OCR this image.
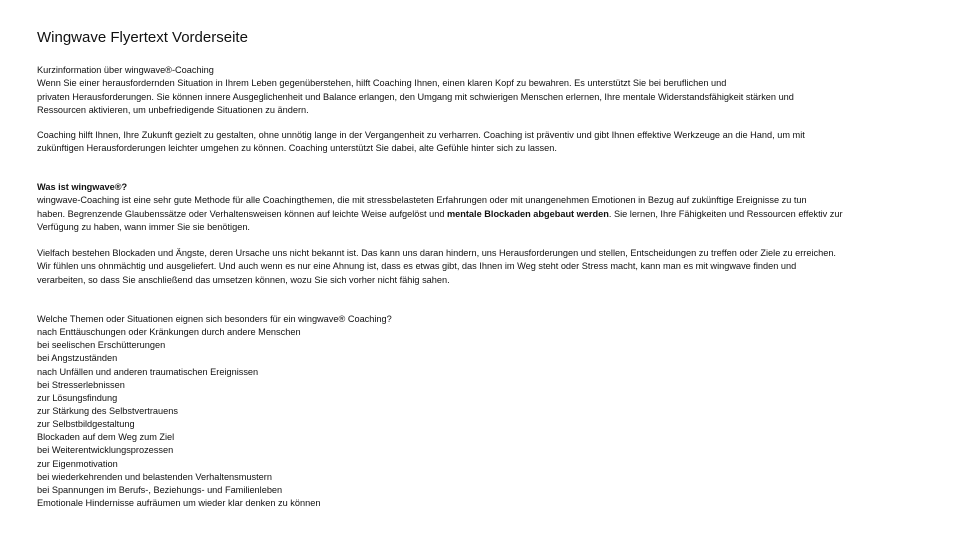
Wingwave Flyertext Vorderseite
Kurzinformation über wingwave®-Coaching
Wenn Sie einer herausfordernden Situation in Ihrem Leben gegenüberstehen, hilft Coaching Ihnen, einen klaren Kopf zu bewahren. Es unterstützt Sie bei beruflichen und
privaten Herausforderungen. Sie können innere Ausgeglichenheit und Balance erlangen, den Umgang mit schwierigen Menschen erlernen, Ihre mentale Widerstandsfähigkeit stärken und
Ressourcen aktivieren, um unbefriedigende Situationen zu ändern.
Coaching hilft Ihnen, Ihre Zukunft gezielt zu gestalten, ohne unnötig lange in der Vergangenheit zu verharren. Coaching ist präventiv und gibt Ihnen effektive Werkzeuge an die Hand, um mit
zukünftigen Herausforderungen leichter umgehen zu können. Coaching unterstützt Sie dabei, alte Gefühle hinter sich zu lassen.
Was ist wingwave®?
wingwave-Coaching ist eine sehr gute Methode für alle Coachingthemen, die mit stressbelasteten Erfahrungen oder mit unangenehmen Emotionen in Bezug auf zukünftige Ereignisse zu tun
haben. Begrenzende Glaubenssätze oder Verhaltensweisen können auf leichte Weise aufgelöst und mentale Blockaden abgebaut werden. Sie lernen, Ihre Fähigkeiten und Ressourcen effektiv zur
Verfügung zu haben, wann immer Sie sie benötigen.
Vielfach bestehen Blockaden und Ängste, deren Ursache uns nicht bekannt ist. Das kann uns daran hindern, uns Herausforderungen und stellen, Entscheidungen zu treffen oder Ziele zu erreichen.
Wir fühlen uns ohnmächtig und ausgeliefert. Und auch wenn es nur eine Ahnung ist, dass es etwas gibt, das Ihnen im Weg steht oder Stress macht, kann man es mit wingwave finden und
verarbeiten, so dass Sie anschließend das umsetzen können, wozu Sie sich vorher nicht fähig sahen.
Welche Themen oder Situationen eignen sich besonders für ein wingwave® Coaching?
nach Enttäuschungen oder Kränkungen durch andere Menschen
bei seelischen Erschütterungen
bei Angstzuständen
nach Unfällen und anderen traumatischen Ereignissen
bei Stresserlebnissen
zur Lösungsfindung
zur Stärkung des Selbstvertrauens
zur Selbstbildgestaltung
Blockaden auf dem Weg zum Ziel
bei Weiterentwicklungsprozessen
zur Eigenmotivation
bei wiederkehrenden und belastenden Verhaltensmustern
bei Spannungen im Berufs-, Beziehungs- und Familienleben
Emotionale Hindernisse aufräumen um wieder klar denken zu können
